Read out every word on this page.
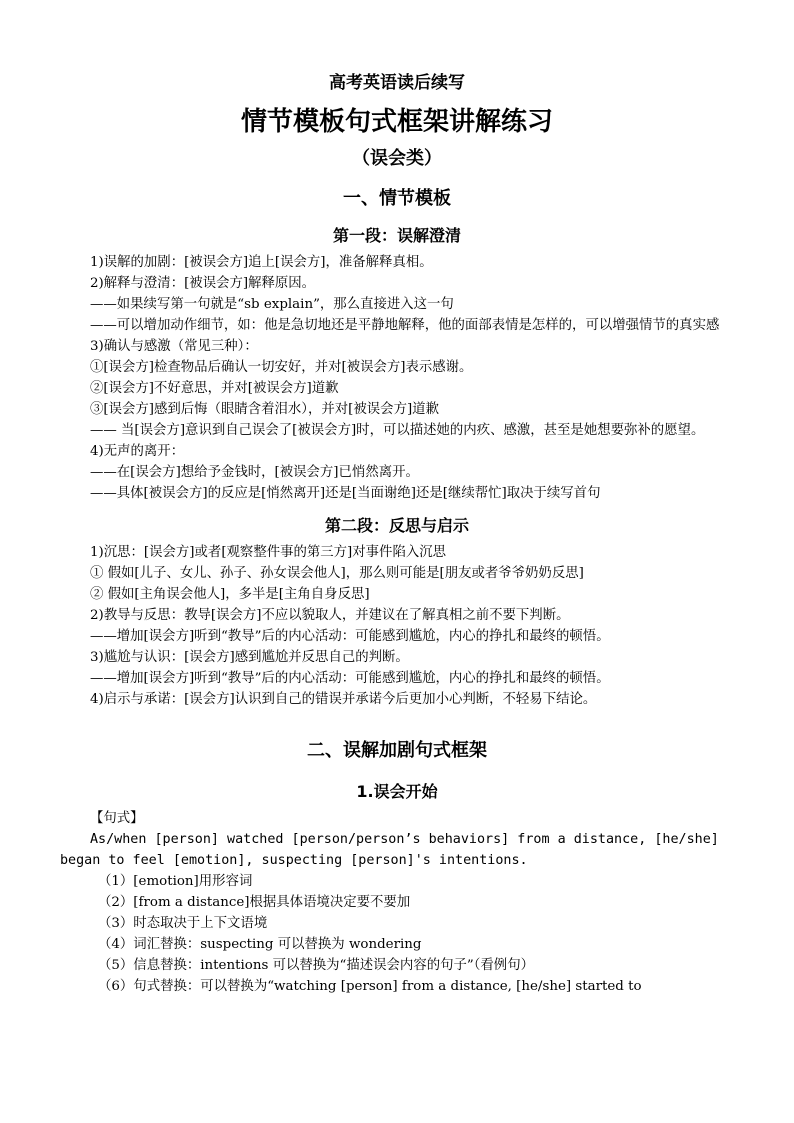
高考英语读后续写
情节模板句式框架讲解练习
（误会类）
一、情节模板
第一段：误解澄清

1)误解的加剧：[被误会方]追上[误会方]，准备解释真相。

2)解释与澄清：[被误会方]解释原因。

——如果续写第一句就是“sb explain”，那么直接进入这一句

——可以增加动作细节，如：他是急切地还是平静地解释，他的面部表情是怎样的，可以增强情节的真实感

3)确认与感激（常见三种）：

①[误会方]检查物品后确认一切安好，并对[被误会方]表示感谢。

②[误会方]不好意思，并对[被误会方]道歉

③[误会方]感到后悔（眼睛含着泪水），并对[被误会方]道歉

—— 当[误会方]意识到自己误会了[被误会方]时，可以描述她的内疚、感激，甚至是她想要弥补的愿望。

4)无声的离开：

——在[误会方]想给予金钱时，[被误会方]已悄然离开。

——具体[被误会方]的反应是[悄然离开]还是[当面谢绝]还是[继续帮忙]取决于续写首句

第二段：反思与启示

1)沉思：[误会方]或者[观察整件事的第三方]对事件陷入沉思

① 假如[儿子、女儿、孙子、孙女误会他人]，那么则可能是[朋友或者爷爷奶奶反思]

② 假如[主角误会他人]，多半是[主角自身反思]

2)教导与反思：教导[误会方]不应以貌取人，并建议在了解真相之前不要下判断。

——增加[误会方]听到“教导”后的内心活动：可能感到尴尬，内心的挣扎和最终的顿悟。

3)尴尬与认识：[误会方]感到尴尬并反思自己的判断。

——增加[误会方]听到“教导”后的内心活动：可能感到尴尬，内心的挣扎和最终的顿悟。

4)启示与承诺：[误会方]认识到自己的错误并承诺今后更加小心判断，不轻易下结论。

二、误解加剧句式框架
1.误会开始

【句式】

As/when [person] watched [person/person’s behaviors] from a distance, [he/she] began to feel [emotion], suspecting [person]'s intentions.

（1）[emotion]用形容词

（2）[from a distance]根据具体语境决定要不要加

（3）时态取决于上下文语境

（4）词汇替换：suspecting 可以替换为 wondering

（5）信息替换：intentions 可以替换为“描述误会内容的句子”（看例句）

（6）句式替换：可以替换为“watching [person] from a distance, [he/she] started to
